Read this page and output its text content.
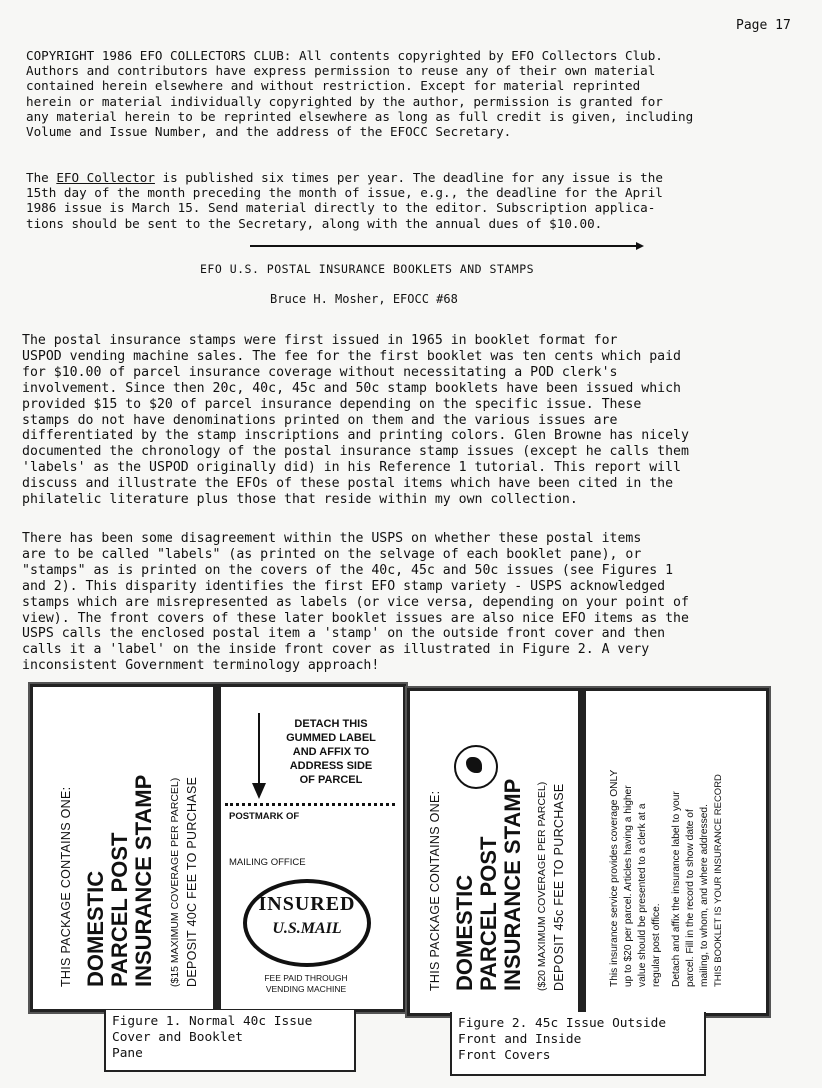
Page 17
COPYRIGHT 1986 EFO COLLECTORS CLUB: All contents copyrighted by EFO Collectors Club.
Authors and contributors have express permission to reuse any of their own material
contained herein elsewhere and without restriction. Except for material reprinted
herein or material individually copyrighted by the author, permission is granted for
any material herein to be reprinted elsewhere as long as full credit is given, including
Volume and Issue Number, and the address of the EFOCC Secretary.
The EFO Collector is published six times per year. The deadline for any issue is the
15th day of the month preceding the month of issue, e.g., the deadline for the April
1986 issue is March 15. Send material directly to the editor. Subscription applica-
tions should be sent to the Secretary, along with the annual dues of $10.00.
EFO U.S. POSTAL INSURANCE BOOKLETS AND STAMPS
Bruce H. Mosher, EFOCC #68
The postal insurance stamps were first issued in 1965 in booklet format for
USPOD vending machine sales. The fee for the first booklet was ten cents which paid
for $10.00 of parcel insurance coverage without necessitating a POD clerk's
involvement. Since then 20c, 40c, 45c and 50c stamp booklets have been issued which
provided $15 to $20 of parcel insurance depending on the specific issue. These
stamps do not have denominations printed on them and the various issues are
differentiated by the stamp inscriptions and printing colors. Glen Browne has nicely
documented the chronology of the postal insurance stamp issues (except he calls them
'labels' as the USPOD originally did) in his Reference 1 tutorial. This report will
discuss and illustrate the EFOs of these postal items which have been cited in the
philatelic literature plus those that reside within my own collection.
There has been some disagreement within the USPS on whether these postal items
are to be called "labels" (as printed on the selvage of each booklet pane), or
"stamps" as is printed on the covers of the 40c, 45c and 50c issues (see Figures 1
and 2). This disparity identifies the first EFO stamp variety - USPS acknowledged
stamps which are misrepresented as labels (or vice versa, depending on your point of
view). The front covers of these later booklet issues are also nice EFO items as the
USPS calls the enclosed postal item a 'stamp' on the outside front cover and then
calls it a 'label' on the inside front cover as illustrated in Figure 2. A very
inconsistent Government terminology approach!
THIS PACKAGE CONTAINS ONE: DOMESTIC PARCEL POST INSURANCE STAMP ($15 MAXIMUM COVERAGE PER PARCEL) DEPOSIT 40C FEE TO PURCHASE
DETACH THIS
GUMMED LABEL
AND AFFIX TO
ADDRESS SIDE
OF PARCEL
POSTMARK OF
MAILING OFFICE
INSURED
U.S.MAIL
FEE PAID THROUGH
VENDING MACHINE
Figure 1. Normal 40c Issue
Cover and Booklet
Pane
THIS PACKAGE CONTAINS ONE: DOMESTIC PARCEL POST INSURANCE STAMP ($20 MAXIMUM COVERAGE PER PARCEL) DEPOSIT 45c FEE TO PURCHASE	This insurance service provides coverage ONLY up to $20 per parcel. Articles having a higher value should be presented to a clerk at a regular post office. Detach and affix the insurance label to your parcel. Fill in the record to show date of mailing, to whom, and where addressed. THIS BOOKLET IS YOUR INSURANCE RECORD
Figure 2. 45c Issue Outside
Front and Inside
Front Covers
